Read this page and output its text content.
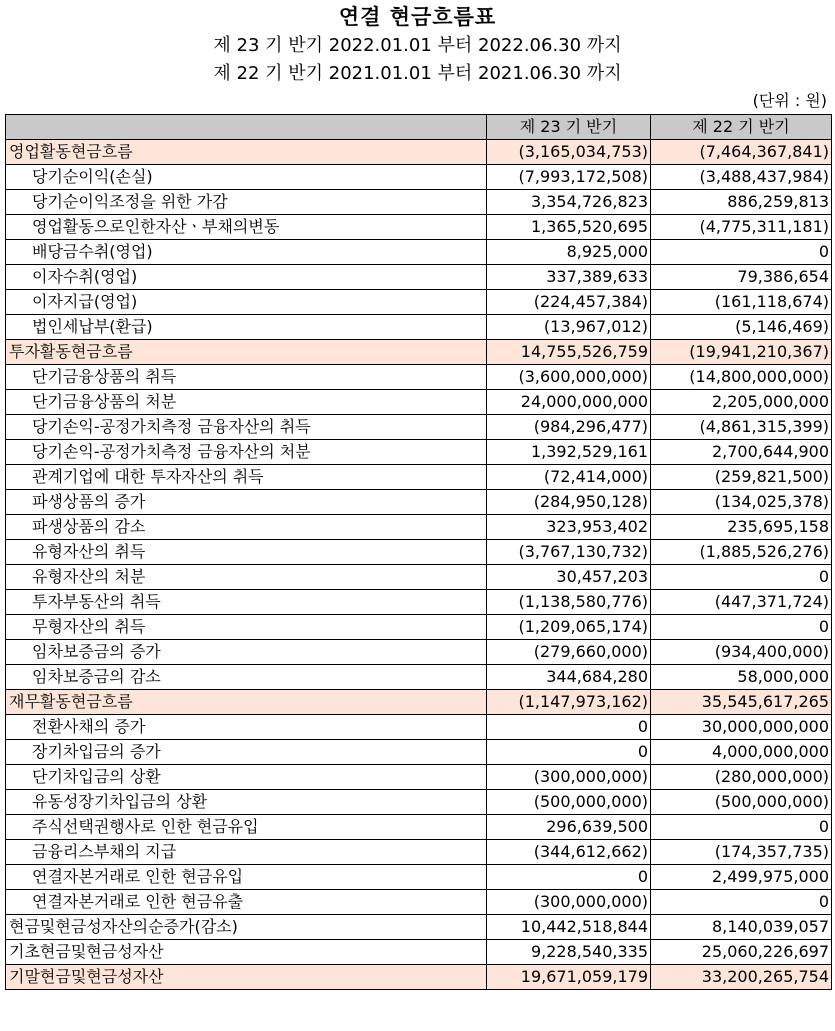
연결 현금흐름표
제 23 기 반기 2022.01.01 부터 2022.06.30 까지
제 22 기 반기 2021.01.01 부터 2021.06.30 까지
(단위 : 원)
	제 23 기 반기	제 22 기 반기
영업활동현금흐름	(3,165,034,753)	(7,464,367,841)
당기순이익(손실)	(7,993,172,508)	(3,488,437,984)
당기순이익조정을 위한 가감	3,354,726,823	886,259,813
영업활동으로인한자산ㆍ부채의변동	1,365,520,695	(4,775,311,181)
배당금수취(영업)	8,925,000	0
이자수취(영업)	337,389,633	79,386,654
이자지급(영업)	(224,457,384)	(161,118,674)
법인세납부(환급)	(13,967,012)	(5,146,469)
투자활동현금흐름	14,755,526,759	(19,941,210,367)
단기금융상품의 취득	(3,600,000,000)	(14,800,000,000)
단기금융상품의 처분	24,000,000,000	2,205,000,000
당기손익-공정가치측정 금융자산의 취득	(984,296,477)	(4,861,315,399)
당기손익-공정가치측정 금융자산의 처분	1,392,529,161	2,700,644,900
관계기업에 대한 투자자산의 취득	(72,414,000)	(259,821,500)
파생상품의 증가	(284,950,128)	(134,025,378)
파생상품의 감소	323,953,402	235,695,158
유형자산의 취득	(3,767,130,732)	(1,885,526,276)
유형자산의 처분	30,457,203	0
투자부동산의 취득	(1,138,580,776)	(447,371,724)
무형자산의 취득	(1,209,065,174)	0
임차보증금의 증가	(279,660,000)	(934,400,000)
임차보증금의 감소	344,684,280	58,000,000
재무활동현금흐름	(1,147,973,162)	35,545,617,265
전환사채의 증가	0	30,000,000,000
장기차입금의 증가	0	4,000,000,000
단기차입금의 상환	(300,000,000)	(280,000,000)
유동성장기차입금의 상환	(500,000,000)	(500,000,000)
주식선택권행사로 인한 현금유입	296,639,500	0
금융리스부채의 지급	(344,612,662)	(174,357,735)
연결자본거래로 인한 현금유입	0	2,499,975,000
연결자본거래로 인한 현금유출	(300,000,000)	0
현금및현금성자산의순증가(감소)	10,442,518,844	8,140,039,057
기초현금및현금성자산	9,228,540,335	25,060,226,697
기말현금및현금성자산	19,671,059,179	33,200,265,754
